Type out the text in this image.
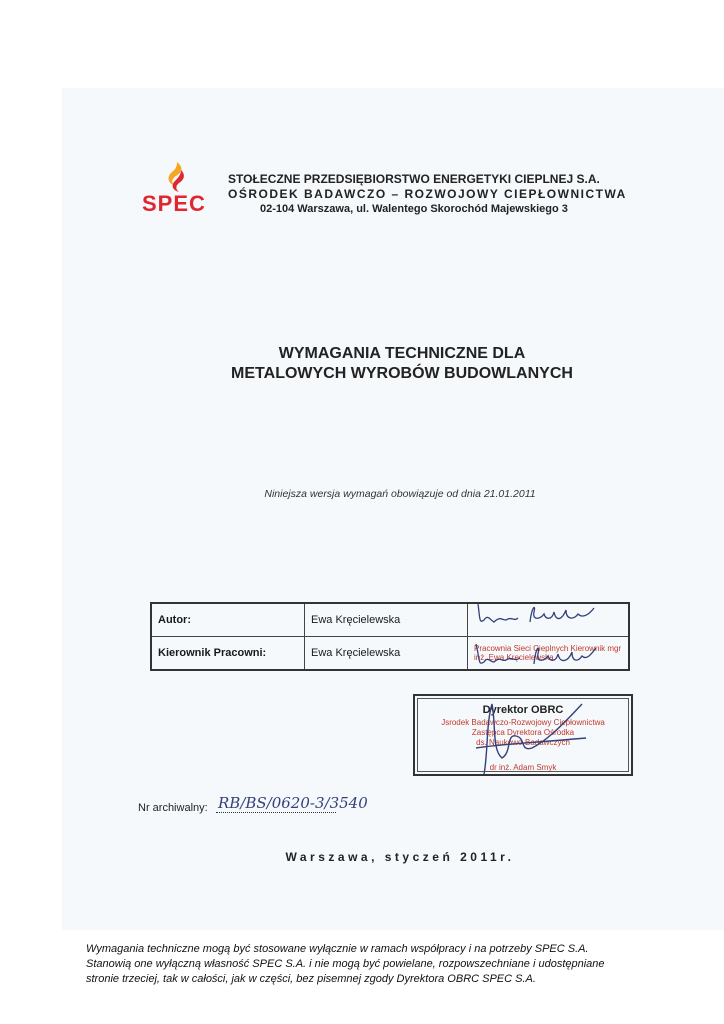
SPEC
STOŁECZNE PRZEDSIĘBIORSTWO ENERGETYKI CIEPLNEJ S.A.
OŚRODEK BADAWCZO – ROZWOJOWY CIEPŁOWNICTWA
02-104 Warszawa, ul. Walentego Skorochód Majewskiego 3
WYMAGANIA TECHNICZNE DLA
METALOWYCH WYROBÓW BUDOWLANYCH
Niniejsza wersja wymagań obowiązuje od dnia 21.01.2011
Autor:	Ewa Kręcielewska	
Kierownik Pracowni:	Ewa Kręcielewska	Pracownia Sieci Cieplnych Kierownik mgr inż. Ewa Kręcielewska
Dyrektor OBRC
Jsrodek Badawczo-Rozwojowy Ciepłownictwa
Zastępca Dyrektora Ośrodka
ds. Naukowo-Badawczych
dr inż. Adam Smyk
Nr archiwalny: RB/BS/0620-3/3540
Warszawa, styczeń 2011r.
Wymagania techniczne mogą być stosowane wyłącznie w ramach współpracy i na potrzeby SPEC S.A.
Stanowią one wyłączną własność SPEC S.A. i nie mogą być powielane, rozpowszechniane i udostępniane
stronie trzeciej, tak w całości, jak w części, bez pisemnej zgody Dyrektora OBRC SPEC S.A.
